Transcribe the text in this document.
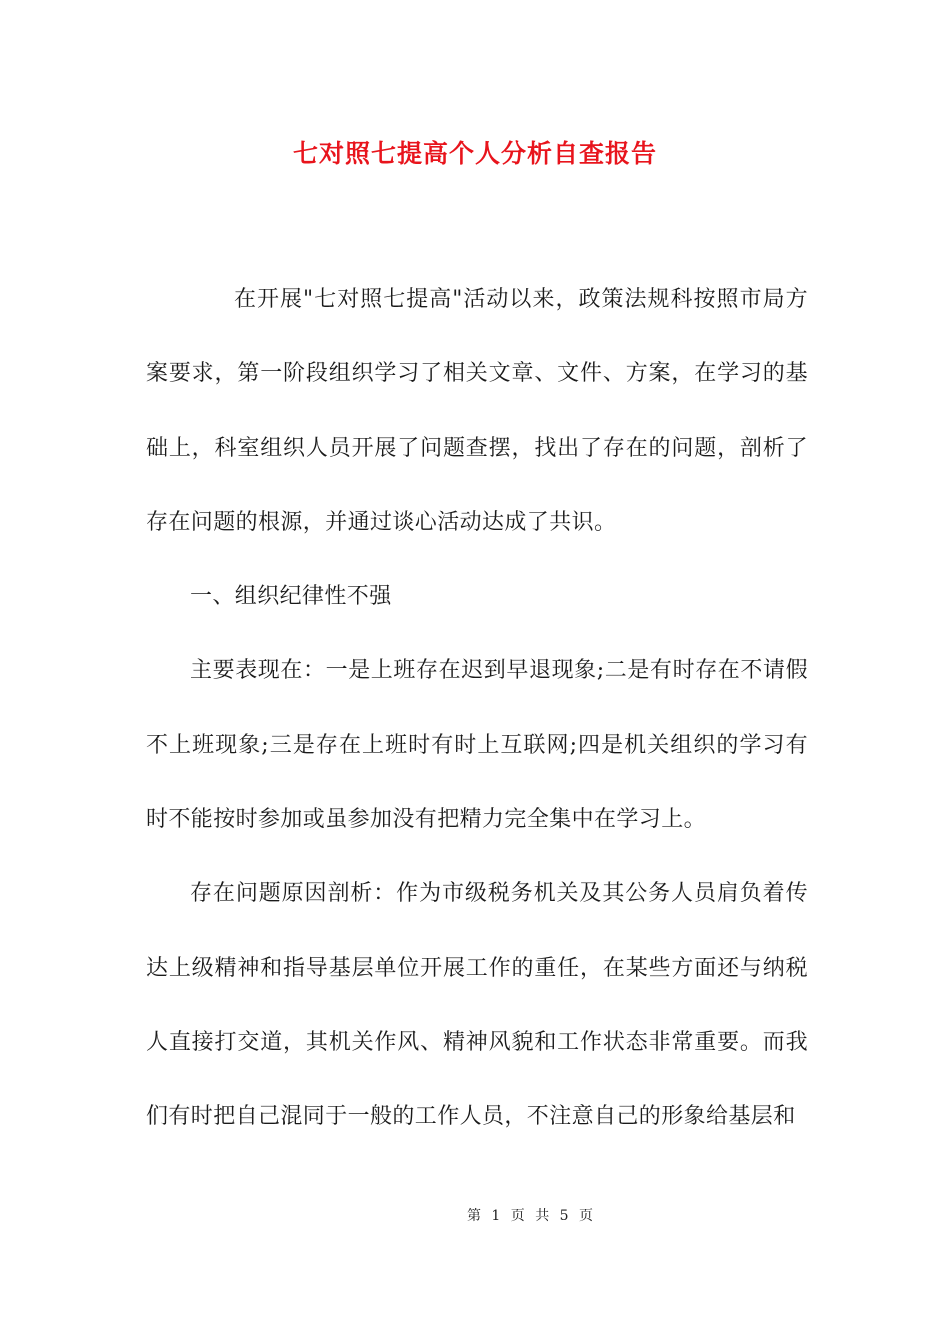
七对照七提高个人分析自查报告

在开展"七对照七提高"活动以来，政策法规科按照市局方案要求，第一阶段组织学习了相关文章、文件、方案，在学习的基础上，科室组织人员开展了问题查摆，找出了存在的问题，剖析了存在问题的根源，并通过谈心活动达成了共识。

一、组织纪律性不强

主要表现在：一是上班存在迟到早退现象;二是有时存在不请假不上班现象;三是存在上班时有时上互联网;四是机关组织的学习有时不能按时参加或虽参加没有把精力完全集中在学习上。

存在问题原因剖析：作为市级税务机关及其公务人员肩负着传达上级精神和指导基层单位开展工作的重任，在某些方面还与纳税人直接打交道，其机关作风、精神风貌和工作状态非常重要。而我们有时把自己混同于一般的工作人员，不注意自己的形象给基层和

第 1 页 共 5 页
